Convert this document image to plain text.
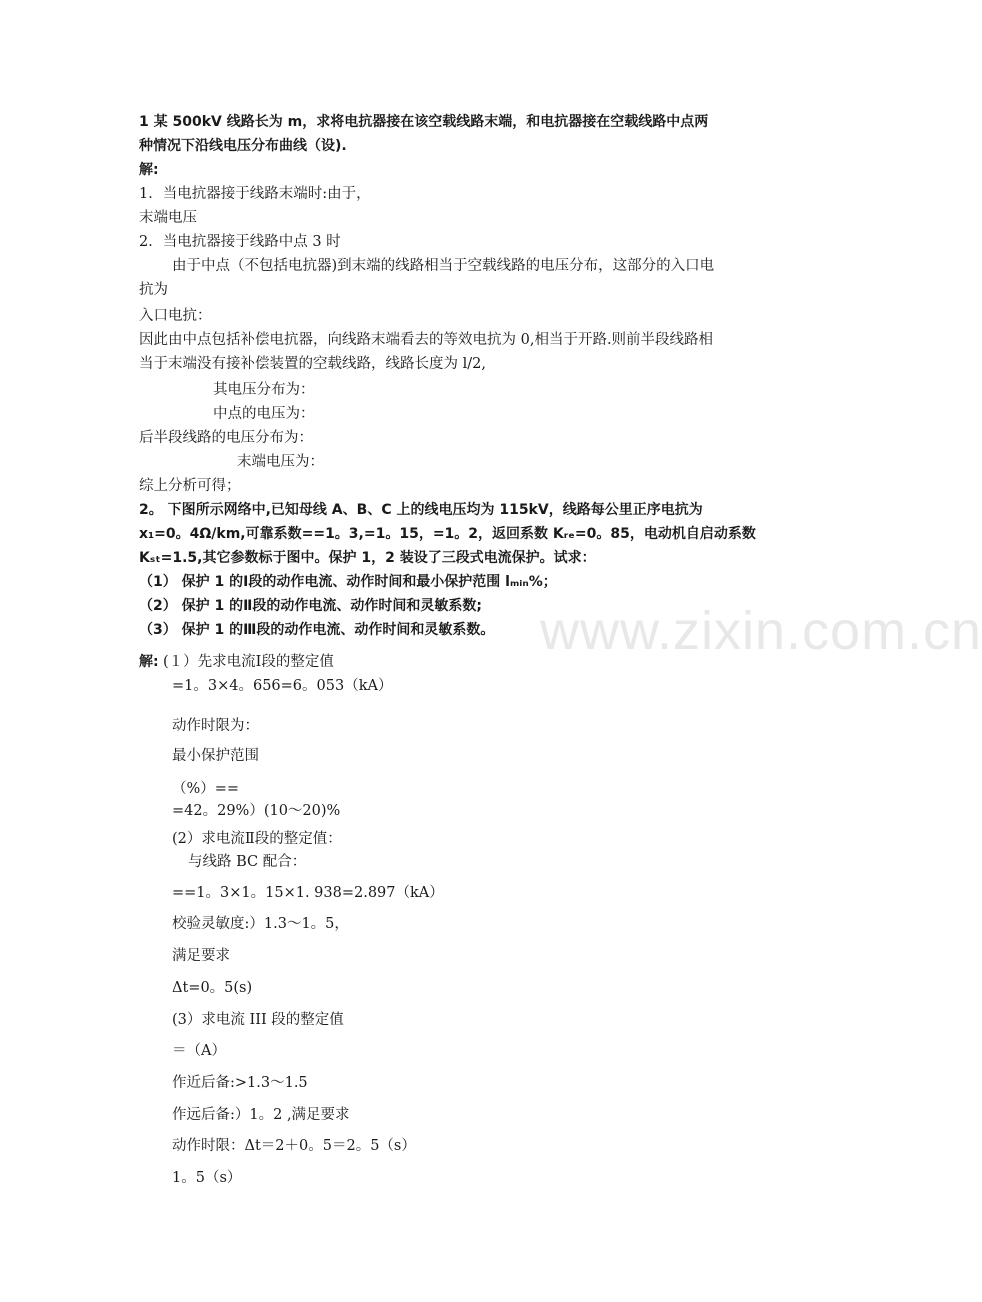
www.zixin.com.cn
1 某 500kV 线路长为 m，求将电抗器接在该空载线路末端，和电抗器接在空载线路中点两
种情况下沿线电压分布曲线（设).
解:
1．当电抗器接于线路末端时:由于，
末端电压
2．当电抗器接于线路中点 3 时
由于中点（不包括电抗器)到末端的线路相当于空载线路的电压分布，这部分的入口电
抗为
入口电抗：
因此由中点包括补偿电抗器，向线路末端看去的等效电抗为 0,相当于开路.则前半段线路相
当于末端没有接补偿装置的空载线路，线路长度为 l/2,
其电压分布为：
中点的电压为：
后半段线路的电压分布为：
末端电压为：
综上分析可得；
2。 下图所示网络中,已知母线 A、B、C 上的线电压均为 115kV，线路每公里正序电抗为
x₁=0。4Ω/km,可靠系数==1。3,=1。15，=1。2，返回系数 Kᵣₑ=0。85，电动机自启动系数
Kₛₜ=1.5,其它参数标于图中。保护 1，2 装设了三段式电流保护。试求：
（1） 保护 1 的Ⅰ段的动作电流、动作时间和最小保护范围 lₘᵢₙ%；
（2） 保护 1 的Ⅱ段的动作电流、动作时间和灵敏系数;
（3） 保护 1 的Ⅲ段的动作电流、动作时间和灵敏系数。
解: (１）先求电流Ⅰ段的整定值
=1。3×4。656=6。053（kA）
动作时限为：
最小保护范围
（%）==
=42。29%）(10～20)%
(2）求电流Ⅱ段的整定值：
与线路 BC 配合：
==1。3×1。15×1. 938=2.897（kA）
校验灵敏度:）1.3～1。5，
满足要求
Δt=0。5(s)
(3）求电流 III 段的整定值
＝（A）
作近后备:>1.3～1.5
作远后备:）1。2 ,满足要求
动作时限：Δt＝2＋0。5＝2。5（s）
1。5（s）
